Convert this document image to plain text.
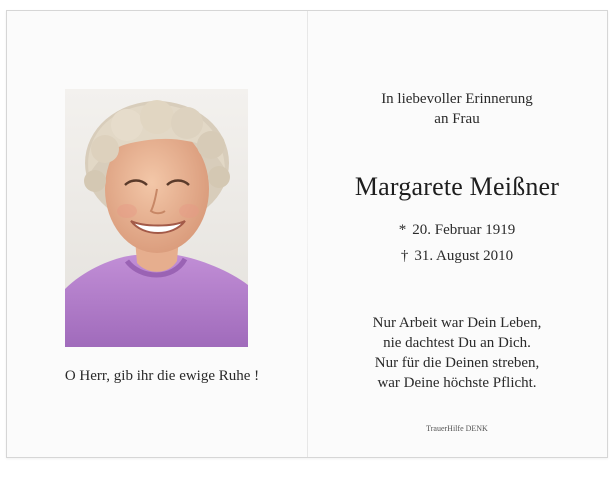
O Herr, gib ihr die ewige Ruhe !
In liebevoller Erinnerung
an Frau
Margarete Meißner
* 20. Februar 1919
† 31. August 2010
Nur Arbeit war Dein Leben,
nie dachtest Du an Dich.
Nur für die Deinen streben,
war Deine höchste Pflicht.
TrauerHilfe DENK
